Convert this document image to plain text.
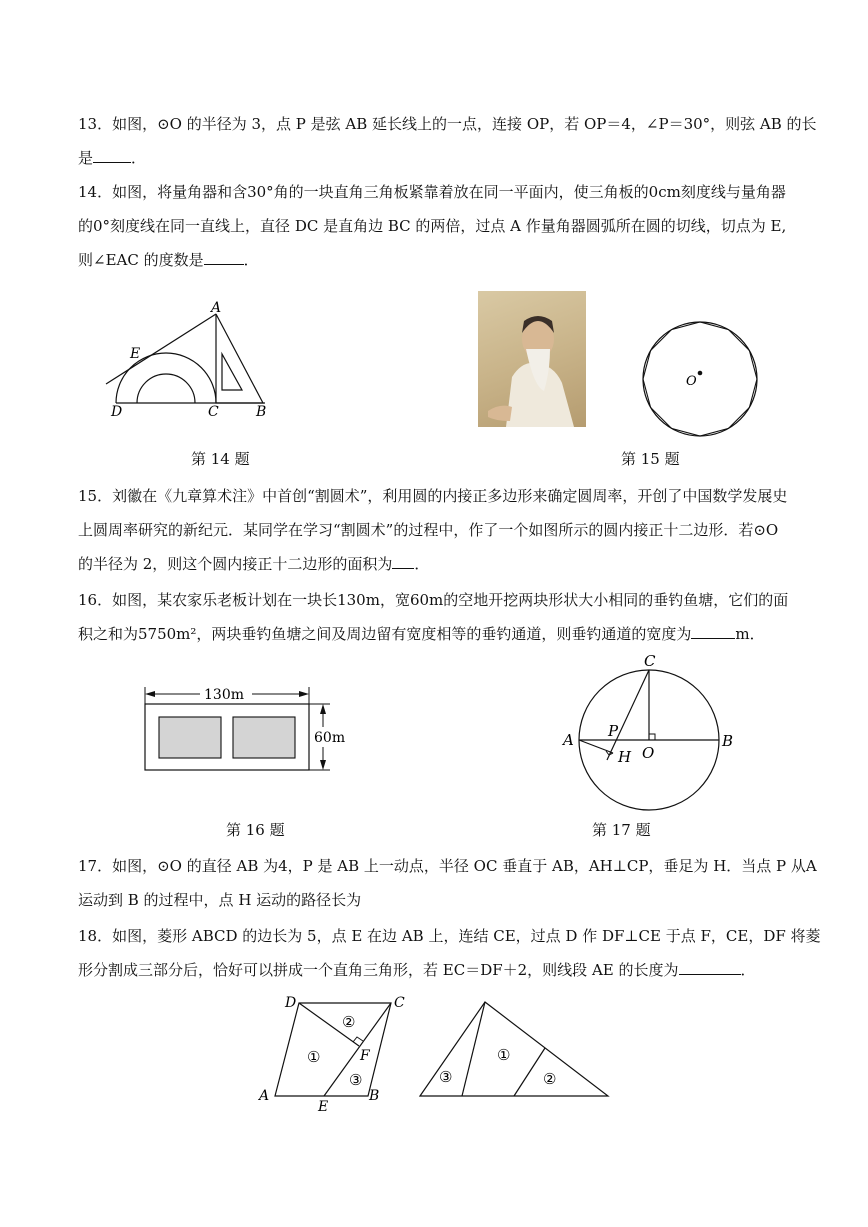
13．如图，⊙O 的半径为 3，点 P 是弦 AB 延长线上的一点，连接 OP，若 OP＝4，∠P＝30°，则弦 AB 的长
是	．
14．如图，将量角器和含30°角的一块直角三角板紧靠着放在同一平面内，使三角板的0cm刻度线与量角器
的0°刻度线在同一直线上，直径 DC 是直角边 BC 的两倍，过点 A 作量角器圆弧所在圆的切线，切点为 E,
则∠EAC 的度数是	．
A
E
D	C	B
第 14 题
O
第 15 题
15．刘徽在《九章算术注》中首创“割圆术”，利用圆的内接正多边形来确定圆周率，开创了中国数学发展史
上圆周率研究的新纪元．某同学在学习“割圆术”的过程中，作了一个如图所示的圆内接正十二边形．若⊙O
的半径为 2，则这个圆内接正十二边形的面积为 ．
16．如图，某农家乐老板计划在一块长130m，宽60m的空地开挖两块形状大小相同的垂钓鱼塘，它们的面
积之和为5750m²，两块垂钓鱼塘之间及周边留有宽度相等的垂钓通道，则垂钓通道的宽度为	m．
130m
60m
第 16 题
C
A	B
P
H O
第 17 题
17．如图，⊙O 的直径 AB 为4，P 是 AB 上一动点，半径 OC 垂直于 AB，AH⊥CP，垂足为 H．当点 P 从A
运动到 B 的过程中，点 H 运动的路径长为
18．如图，菱形 ABCD 的边长为 5，点 E 在边 AB 上，连结 CE，过点 D 作 DF⊥CE 于点 F，CE，DF 将菱
形分割成三部分后，恰好可以拼成一个直角三角形，若 EC＝DF＋2，则线段 AE 的长度为	．
D	C
A	B
E
F
②
①
③	③
①
②
